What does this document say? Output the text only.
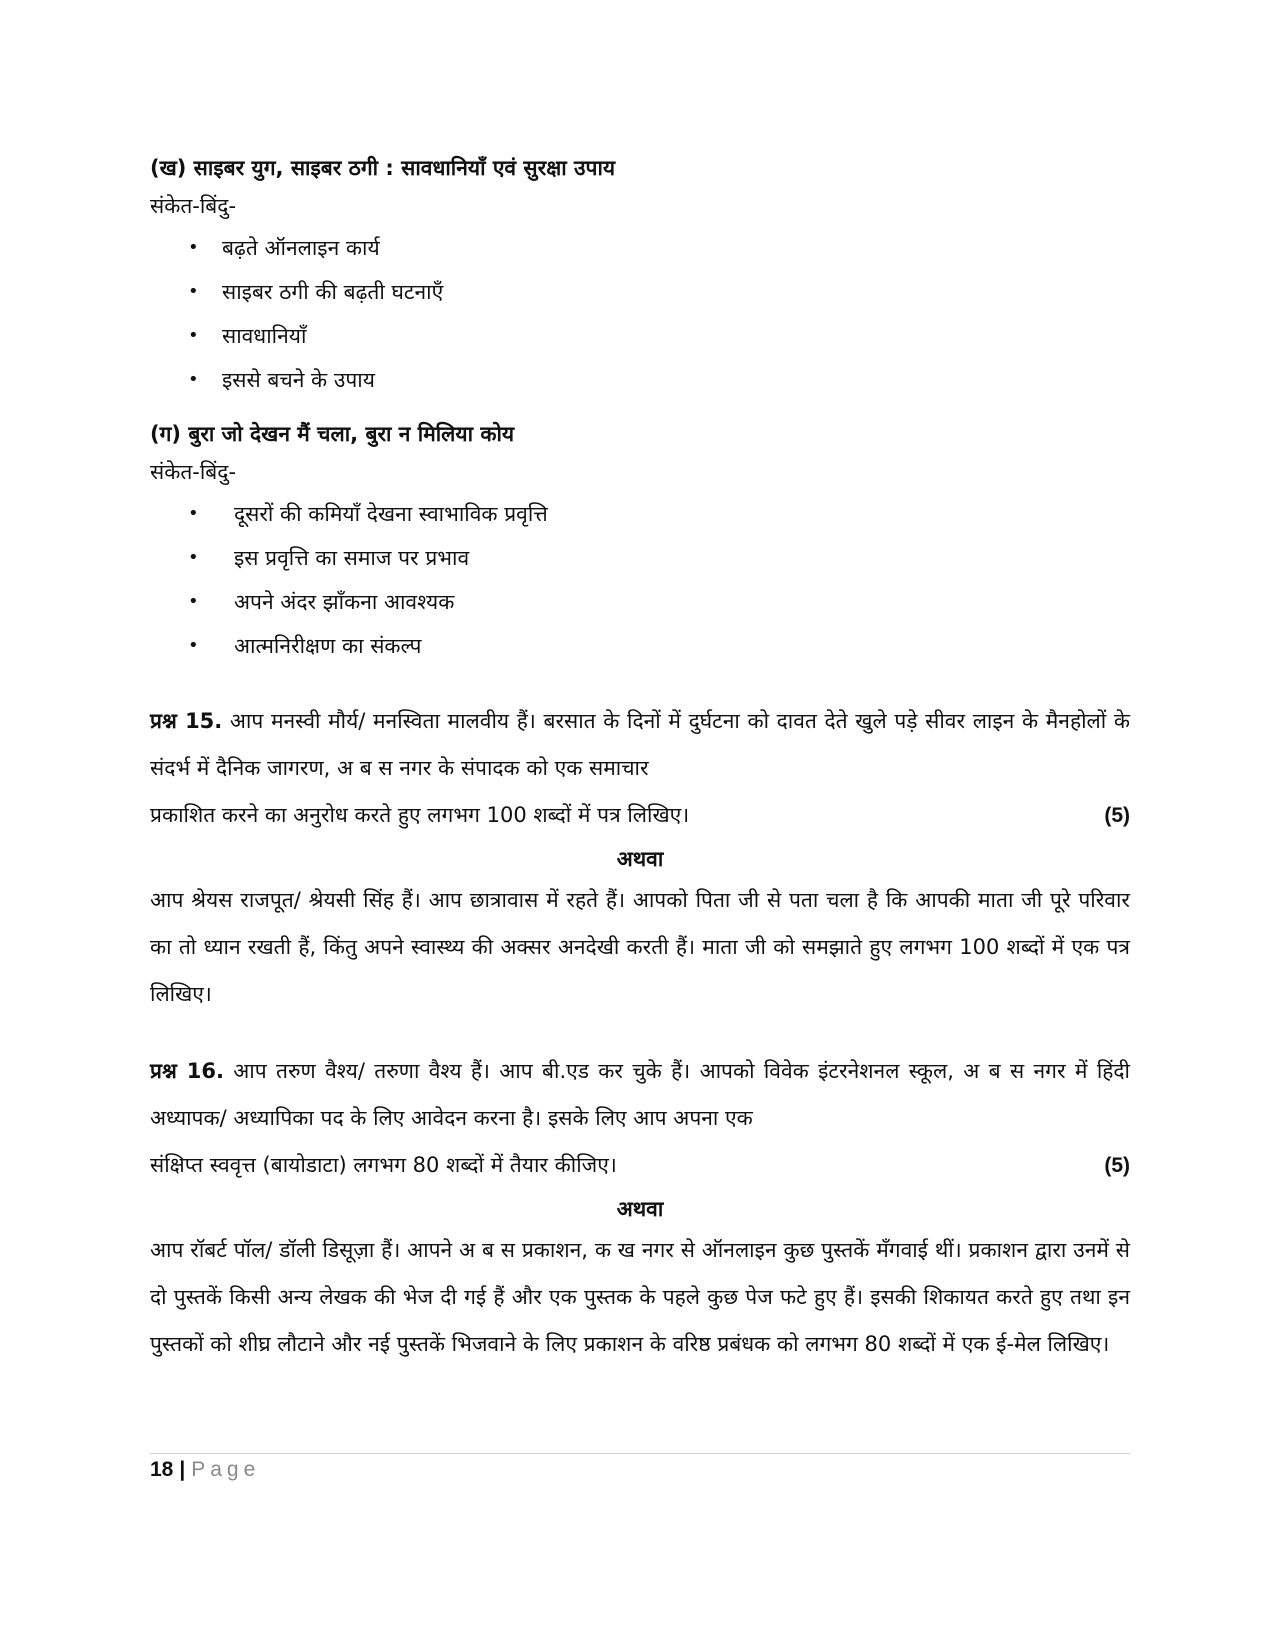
(ख) साइबर युग, साइबर ठगी : सावधानियाँ एवं सुरक्षा उपाय

संकेत-बिंदु-

• बढ़ते ऑनलाइन कार्य
• साइबर ठगी की बढ़ती घटनाएँ
• सावधानियाँ
• इससे बचने के उपाय

(ग) बुरा जो देखन मैं चला, बुरा न मिलिया कोय

संकेत-बिंदु-

• दूसरों की कमियाँ देखना स्वाभाविक प्रवृत्ति
• इस प्रवृत्ति का समाज पर प्रभाव
• अपने अंदर झाँकना आवश्यक
• आत्मनिरीक्षण का संकल्प

प्रश्न 15. आप मनस्वी मौर्य/ मनस्विता मालवीय हैं। बरसात के दिनों में दुर्घटना को दावत देते खुले पड़े सीवर लाइन के मैनहोलों के संदर्भ में दैनिक जागरण, अ ब स नगर के संपादक को एक समाचार

प्रकाशित करने का अनुरोध करते हुए लगभग 100 शब्दों में पत्र लिखिए।	(5)

अथवा

आप श्रेयस राजपूत/ श्रेयसी सिंह हैं। आप छात्रावास में रहते हैं। आपको पिता जी से पता चला है कि आपकी माता जी पूरे परिवार का तो ध्यान रखती हैं, किंतु अपने स्वास्थ्य की अक्सर अनदेखी करती हैं। माता जी को समझाते हुए लगभग 100 शब्दों में एक पत्र लिखिए।

प्रश्न 16. आप तरुण वैश्य/ तरुणा वैश्य हैं। आप बी.एड कर चुके हैं। आपको विवेक इंटरनेशनल स्कूल, अ ब स नगर में हिंदी अध्यापक/ अध्यापिका पद के लिए आवेदन करना है। इसके लिए आप अपना एक

संक्षिप्त स्ववृत्त (बायोडाटा) लगभग 80 शब्दों में तैयार कीजिए।	(5)

अथवा

आप रॉबर्ट पॉल/ डॉली डिसूज़ा हैं। आपने अ ब स प्रकाशन, क ख नगर से ऑनलाइन कुछ पुस्तकें मँगवाई थीं। प्रकाशन द्वारा उनमें से दो पुस्तकें किसी अन्य लेखक की भेज दी गई हैं और एक पुस्तक के पहले कुछ पेज फटे हुए हैं। इसकी शिकायत करते हुए तथा इन पुस्तकों को शीघ्र लौटाने और नई पुस्तकें भिजवाने के लिए प्रकाशन के वरिष्ठ प्रबंधक को लगभग 80 शब्दों में एक ई-मेल लिखिए।

18 | Page
